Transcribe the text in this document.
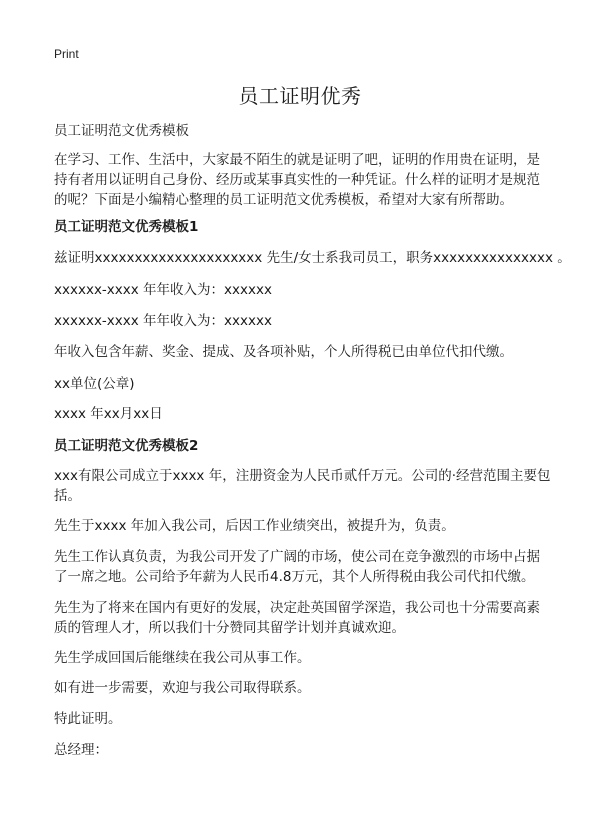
Print
员工证明优秀
员工证明范文优秀模板
在学习、工作、生活中，大家最不陌生的就是证明了吧，证明的作用贵在证明，是
持有者用以证明自己身份、经历或某事真实性的一种凭证。什么样的证明才是规范
的呢？下面是小编精心整理的员工证明范文优秀模板，希望对大家有所帮助。
员工证明范文优秀模板1
兹证明xxxxxxxxxxxxxxxxxxxxx 先生/女士系我司员工，职务xxxxxxxxxxxxxxx 。
xxxxxx-xxxx 年年收入为：xxxxxx
xxxxxx-xxxx 年年收入为：xxxxxx
年收入包含年薪、奖金、提成、及各项补贴，个人所得税已由单位代扣代缴。
xx单位(公章)
xxxx 年xx月xx日
员工证明范文优秀模板2
xxx有限公司成立于xxxx 年，注册资金为人民币贰仟万元。公司的·经营范围主要包
括。
先生于xxxx 年加入我公司，后因工作业绩突出，被提升为，负责。
先生工作认真负责，为我公司开发了广阔的市场，使公司在竞争激烈的市场中占据
了一席之地。公司给予年薪为人民币4.8万元，其个人所得税由我公司代扣代缴。
先生为了将来在国内有更好的发展，决定赴英国留学深造，我公司也十分需要高素
质的管理人才，所以我们十分赞同其留学计划并真诚欢迎。
先生学成回国后能继续在我公司从事工作。
如有进一步需要，欢迎与我公司取得联系。
特此证明。
总经理：
